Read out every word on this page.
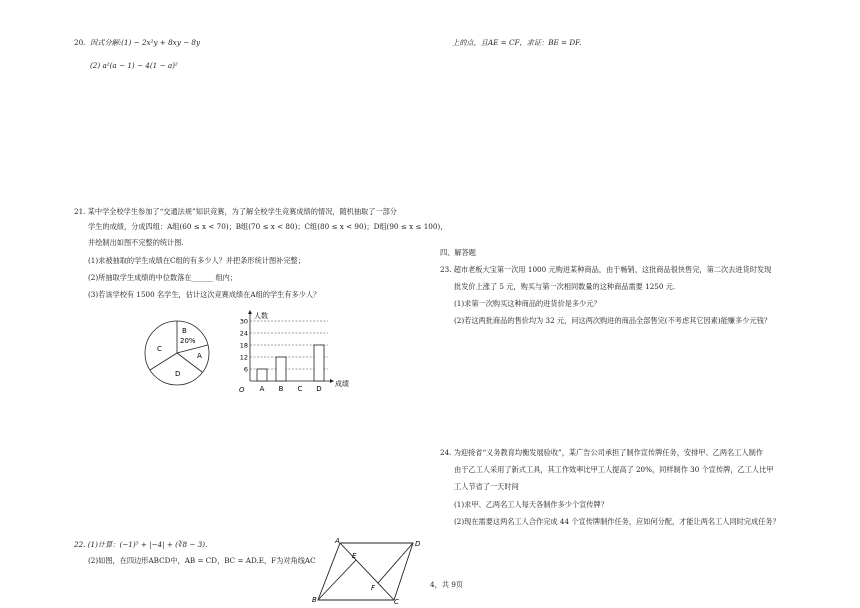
20. 因式分解:(1) − 2x²y + 8xy − 8y
(2) a²(a − 1) − 4(1 − a)²
21. 某中学全校学生参加了“交通法规”知识竞赛，为了解全校学生竞赛成绩的情况，随机抽取了一部分
学生的成绩，分成四组：A组(60 ≤ x < 70)；B组(70 ≤ x < 80)；C组(80 ≤ x < 90)；D组(90 ≤ x ≤ 100)，
并绘制出如图不完整的统计图.
(1)求被抽取的学生成绩在C组的有多少人？并把条形统计图补完整；
(2)所抽取学生成绩的中位数落在______ 组内；
(3)若该学校有 1500 名学生，估计这次竞赛成绩在A组的学生有多少人？
B
20%
A
C
D
人数
成绩
O
6
12
18
24
30
A B C D
22. (1)计算：(−1)⁵ + |−4| + (∛8 − 3).
(2)如图，在四边形ABCD中，AB = CD，BC = AD.E，F为对角线AC
A	D
E
F
B	C
上的点，且AE = CF，求证：BE = DF.
四、解答题
23. 超市老板大宝第一次用 1000 元购进某种商品，由于畅销，这批商品很快售完，第二次去进货时发现
批发价上涨了 5 元，购买与第一次相同数量的这种商品需要 1250 元.
(1)求第一次购买这种商品的进货价是多少元？
(2)若这两批商品的售价均为 32 元，问这两次购进的商品全部售完(不考虑其它因素)能赚多少元钱？
24. 为迎接省“义务教育均衡发展验收”，某广告公司承担了制作宣传牌任务，安排甲、乙两名工人制作
由于乙工人采用了新式工具，其工作效率比甲工人提高了 20%，同样制作 30 个宣传牌，乙工人比甲
工人节省了一天时间
(1)求甲、乙两名工人每天各制作多少个宣传牌？
(2)现在需要这两名工人合作完成 44 个宣传牌制作任务，应如何分配，才能让两名工人同时完成任务？
4，共 9页
